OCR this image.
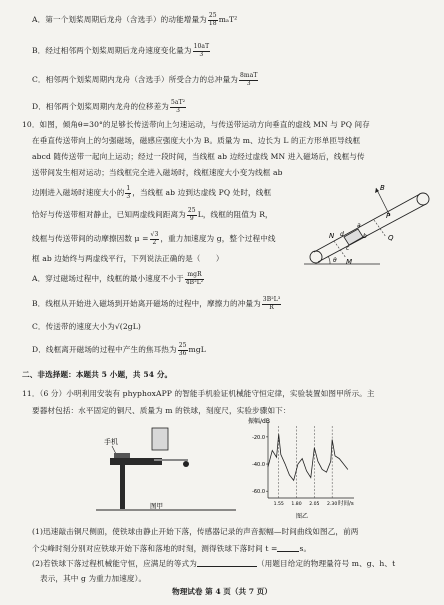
A．第一个划桨周期后龙舟（含选手）的动能增量为 $\frac{25}{18} m_aT^2$
B．经过相邻两个划桨周期后龙舟速度变化量为 $\frac{10aT}{3}$
C．相邻两个划桨周期内龙舟（含选手）所受合力的总冲量为 $\frac{\text{8maT}}{3}$
D．相邻两个划桨周期内龙舟的位移差为 $\frac{\text{5aT²}}{3}$
10．如图，倾角θ=30°的足够长传送带向上匀速运动，与传送带运动方向垂直的虚线 MN 与 PQ 间存
在垂直传送带向上的匀强磁场，磁感应强度大小为 B。质量为 m、边长为 L 的正方形单匝导线框
abcd 随传送带一起向上运动；经过一段时间，当线框 ab 边经过虚线 MN 进入磁场后，线框与传
送带间发生相对运动；当线框完全进入磁场时，线框速度大小变为线框 ab
边刚进入磁场时速度大小的 $\frac{1}{3}$ ，当线框 ab 边到达虚线 PQ 处时，线框
恰好与传送带相对静止，已知两虚线间距离为 $\frac{25}{9}$ L，线框的阻值为 R，
线框与传送带间的动摩擦因数 $\mu = \frac{√3}{2}$ ，重力加速度为 g，整个过程中线
框 ab 边始终与两虚线平行，下列说法正确的是（　　）
A．穿过磁场过程中，线框的最小速度不小于 $\frac{\text{mgR}}{\text{4B²L²}}$
B．线框从开始进入磁场到开始离开磁场的过程中，摩擦力的冲量为 $\frac{\text{3B²L³}}{R}$
C．传送带的速度大小为√(2gL)
D．线框离开磁场的过程中产生的焦耳热为 $\frac{25}{36}$ mgL
B
P
Q
N
M
a
b
d
c
θ
二、非选择题：本题共 5 小题，共 54 分。
11．（6 分）小明利用安装有 phyphoxAPP 的智能手机验证机械能守恒定律，实验装置如图甲所示。主
要器材包括：水平固定的铜尺、质量为 m 的铁球，刻度尺，实验步骤如下：
手机
图甲
振幅/dB
时间/s
图乙
-20.0
-40.0
-60.0
1.55 1.80 2.05 2.30
(1)迅速敲击铜尺侧面，使铁球由静止开始下落，传感器记录的声音振幅—时间曲线如图乙，前两
个尖峰时刻分别对应铁球开始下落和落地的时刻，测得铁球下落时间 t =	s。
(2)若铁球下落过程机械能守恒，应满足的等式为	（用题目给定的物理量符号 m、g、h、t
表示，其中 g 为重力加速度）。
物理试卷 第 4 页（共 7 页）
